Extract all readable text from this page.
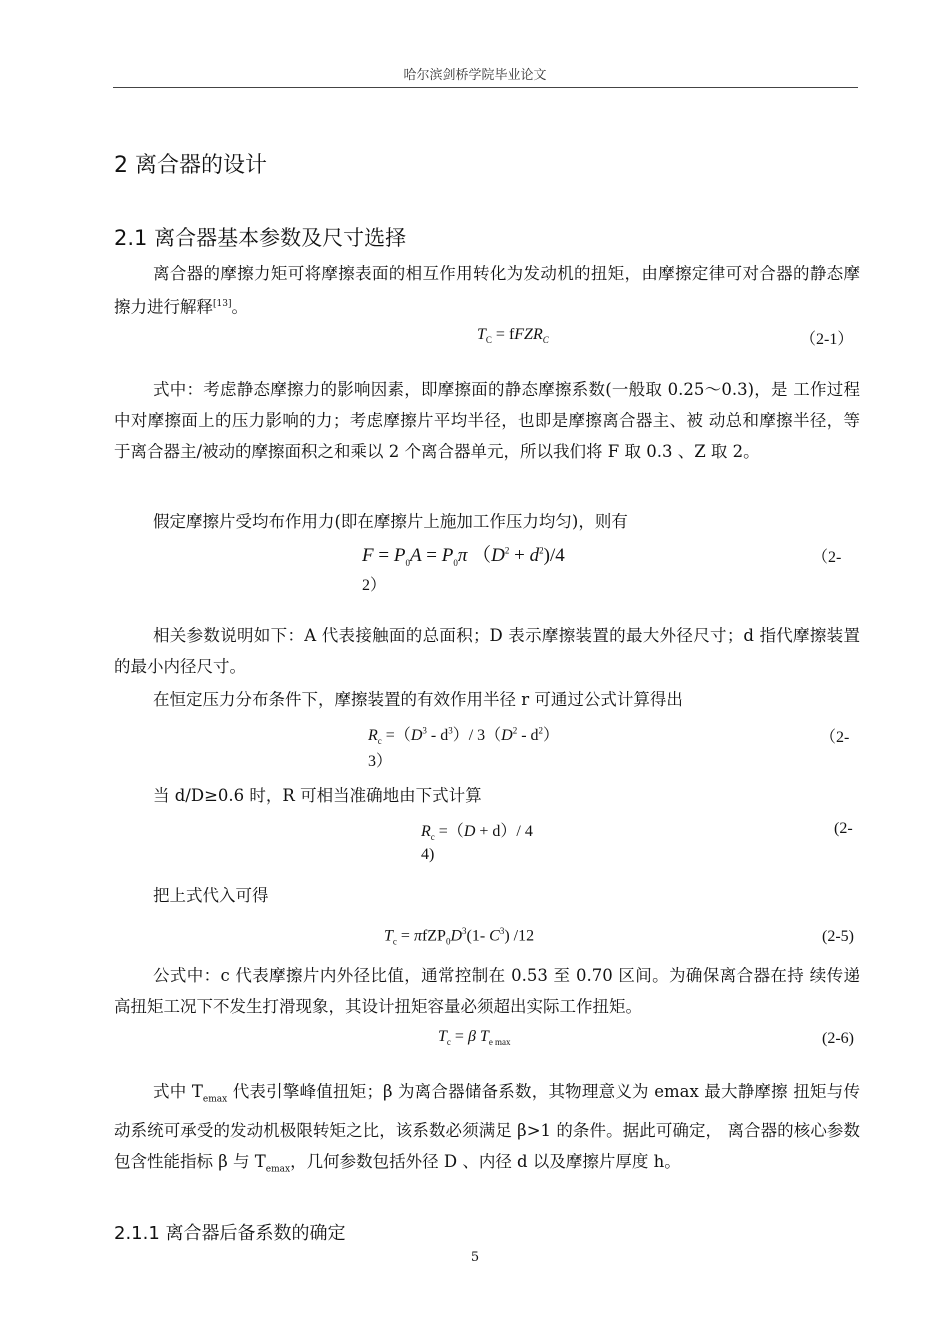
哈尔滨剑桥学院毕业论文
2 离合器的设计
2.1 离合器基本参数及尺寸选择
离合器的摩擦力矩可将摩擦表面的相互作用转化为发动机的扭矩，由摩擦定律可对合器的静态摩擦力进行解释[13]。
$T_C$ = fFZR$_C$	（2-1）
式中：考虑静态摩擦力的影响因素，即摩擦面的静态摩擦系数(一般取 0.25～0.3)，是 工作过程中对摩擦面上的压力影响的力；考虑摩擦片平均半径，也即是摩擦离合器主、被 动总和摩擦半径，等于离合器主/被动的摩擦面积之和乘以 2 个离合器单元，所以我们将 F 取 0.3 、Z 取 2。
假定摩擦片受均布作用力(即在摩擦片上施加工作压力均匀)，则有
$F = P_0A = P_0\pi$ $(D^2 + d^2)/4$	（2-
2）
相关参数说明如下：A 代表接触面的总面积；D 表示摩擦装置的最大外径尺寸；d 指代摩擦装置的最小内径尺寸。
在恒定压力分布条件下，摩擦装置的有效作用半径 r 可通过公式计算得出
$R_c =(D^3 - d^3)/$ $3(D^2 - d^2)$	（2-
3）
当 d/D≥0.6 时，R 可相当准确地由下式计算
$R_c =(D + d)/$ 4	(2-
4)
把上式代入可得
$T_c = \pi fZP_0D^3(1-$ $C^3$) /12	(2-5)
公式中：c 代表摩擦片内外径比值，通常控制在 0.53 至 0.70 区间。为确保离合器在持 续传递高扭矩工况下不发生打滑现象，其设计扭矩容量必须超出实际工作扭矩。
$T_c = \beta$ $T_{e max}$	(2-6)
式中 $T_{emax}$ 代表引擎峰值扭矩；β 为离合器储备系数，其物理意义为 emax 最大静摩擦 扭矩与传动系统可承受的发动机极限转矩之比，该系数必须满足 β>1 的条件。据此可确定， 离合器的核心参数包含性能指标 β 与 $T_{emax}$，几何参数包括外径 D 、内径 d 以及摩擦片厚度 h。
2.1.1 离合器后备系数的确定
5
